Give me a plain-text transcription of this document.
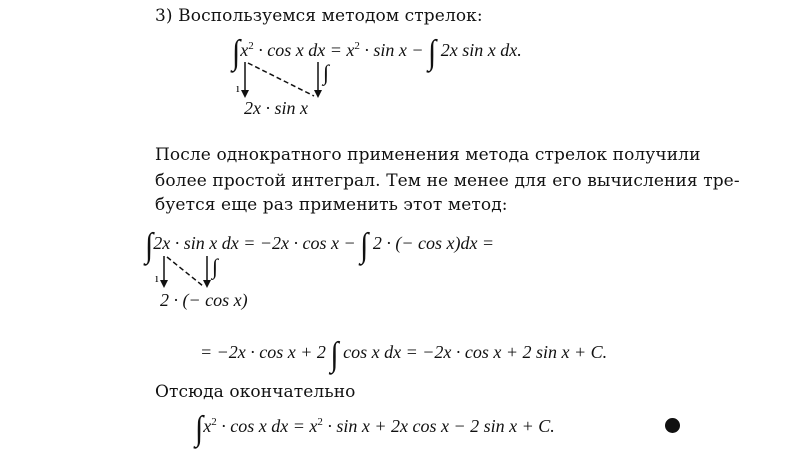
3) Воспользуемся методом стрелок:
$\int x^2 \cdot \cos x$ dx = $x^2 \cdot \sin x$ − ∫ 2x sin x dx.
ı
∫
2x · sin x
После однократного применения метода стрелок получили
более простой интеграл. Тем не менее для его вычисления тре-
буется еще раз применить этот метод:
∫2x · sin x dx = −2x · cos x − ∫ 2 · (− cos x)dx =
ı ∫
2 · (− cos x)
= −2x · cos x + 2 ∫ cos x dx = −2x · cos x + 2 sin x + C.
Отсюда окончательно
$\int x^2 \cdot \cos x$ dx = $x^2 \cdot \sin x + 2x$ cos x − 2 sin x + C.
